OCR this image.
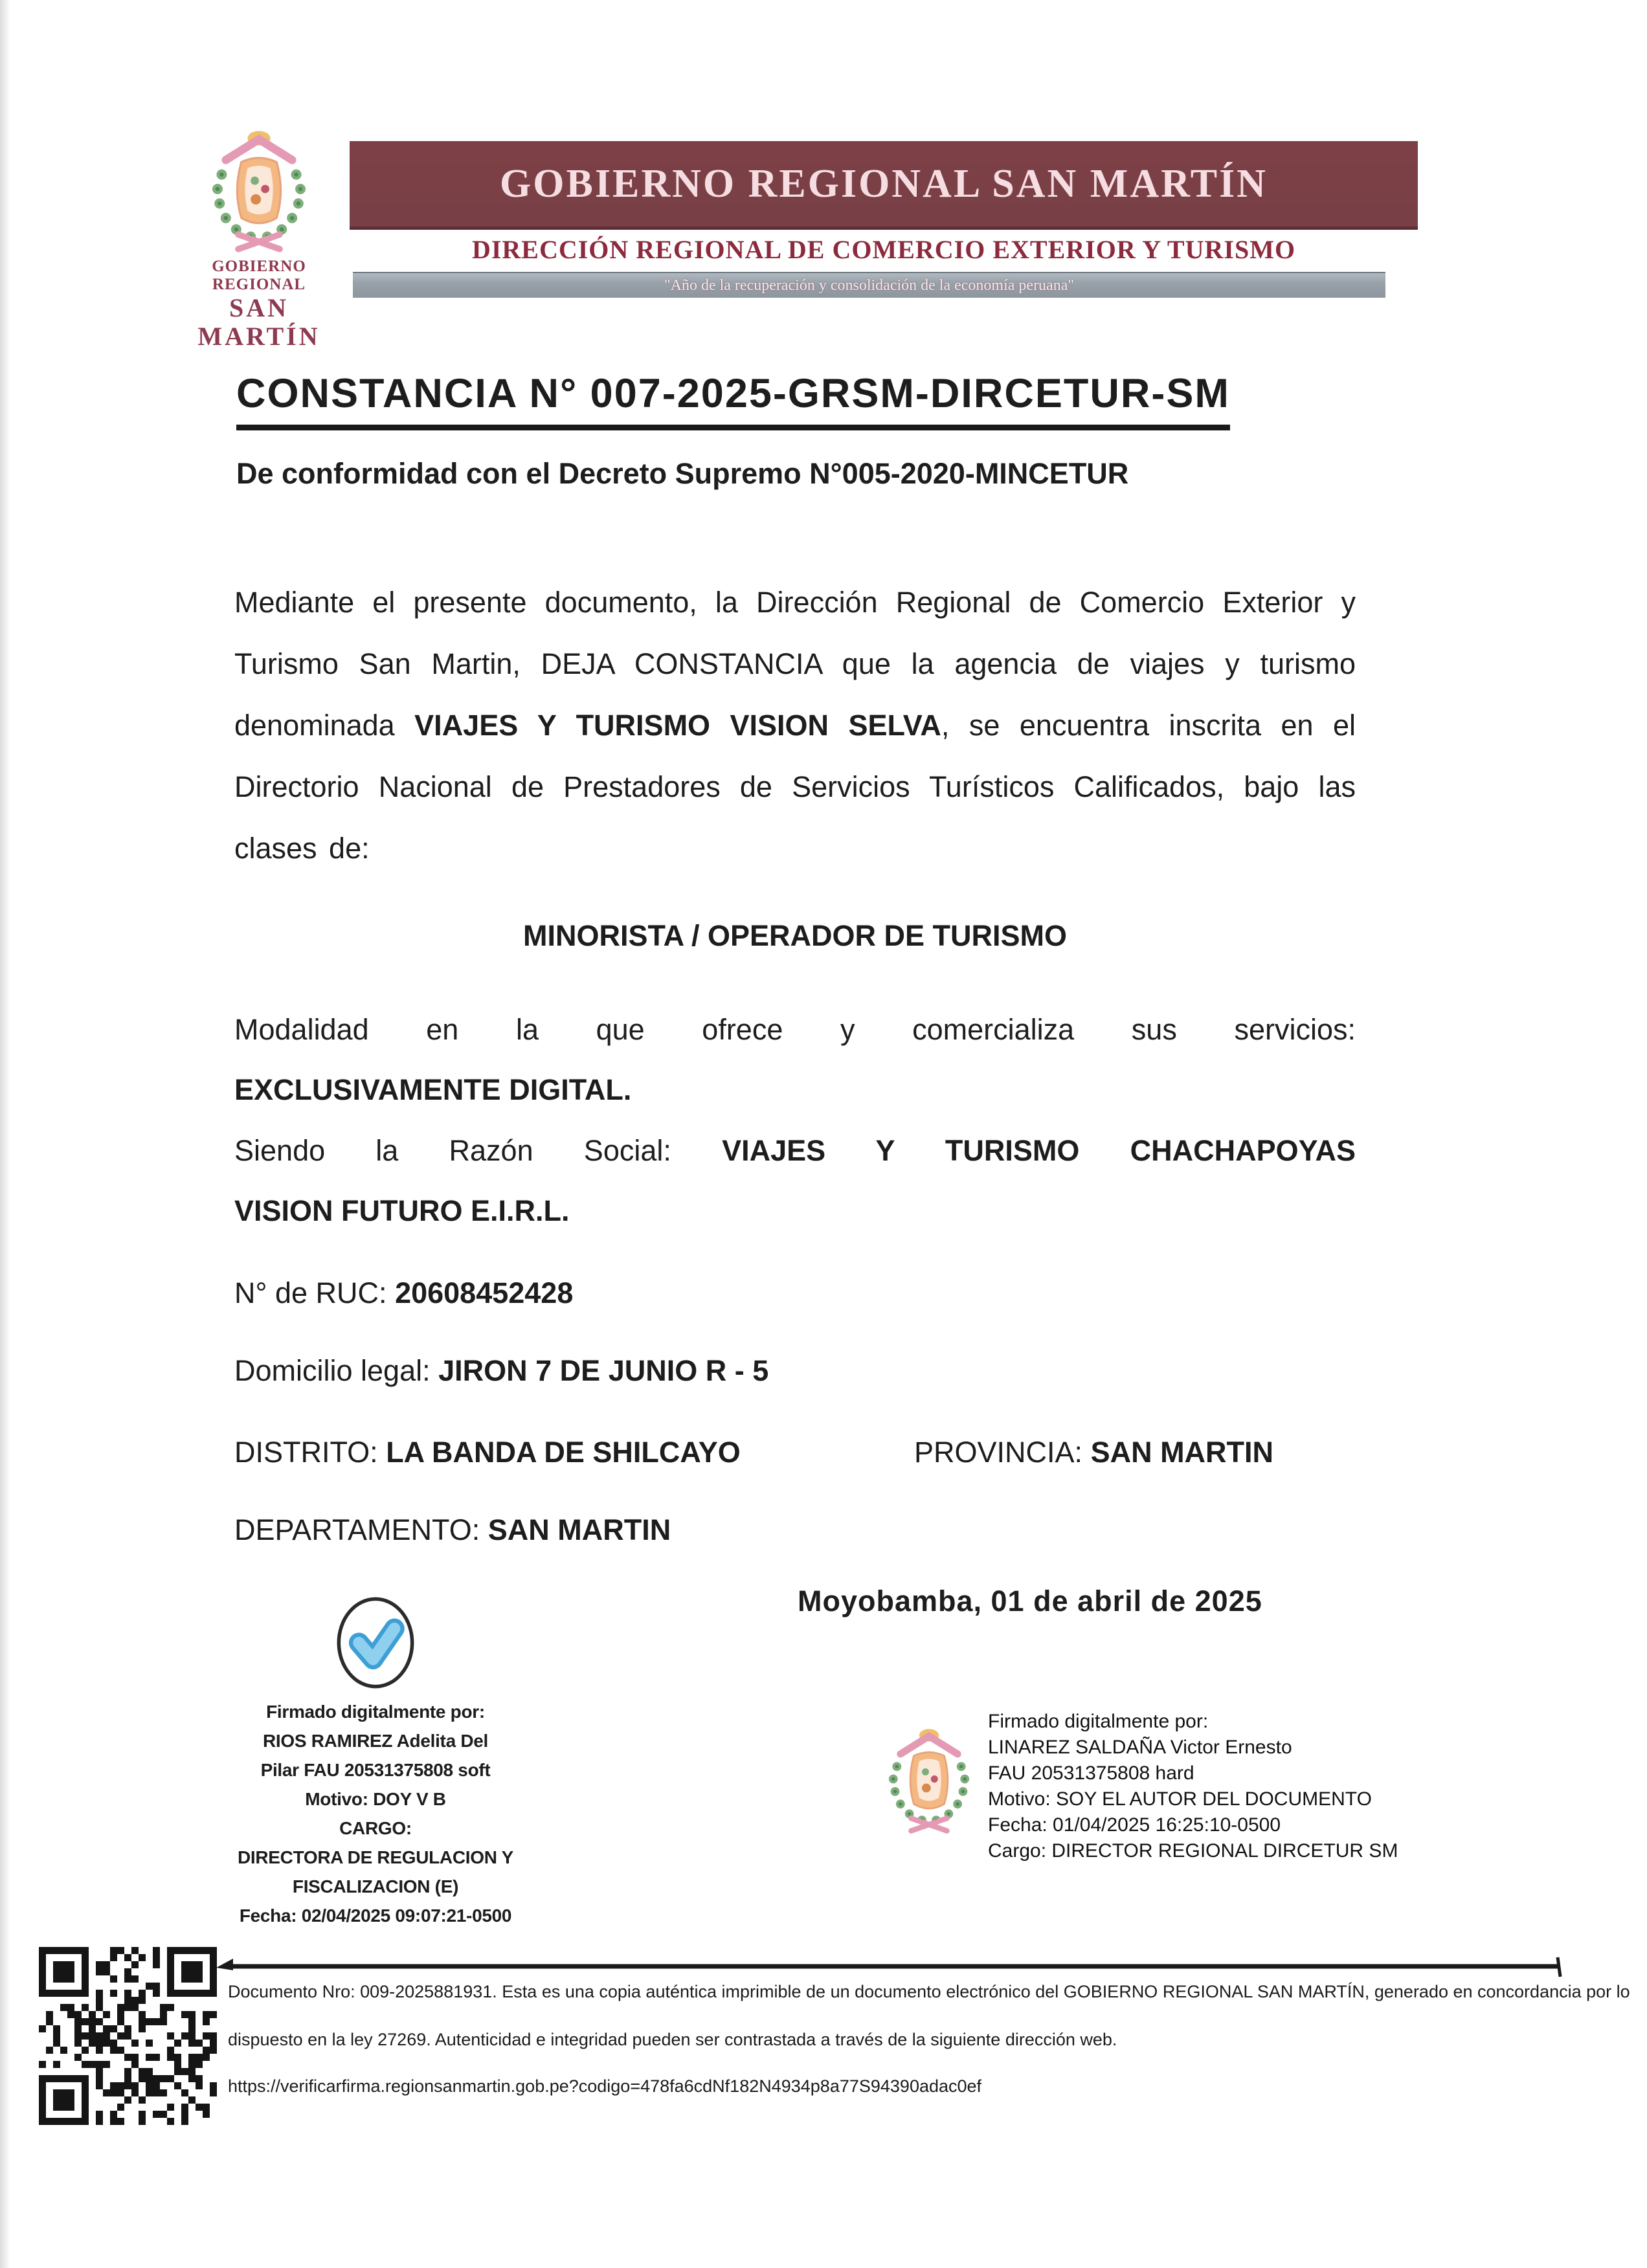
GOBIERNO REGIONAL
SAN MARTÍN
GOBIERNO REGIONAL SAN MARTÍN
DIRECCIÓN REGIONAL DE COMERCIO EXTERIOR Y TURISMO
"Año de la recuperación y consolidación de la economía peruana"
CONSTANCIA N° 007-2025-GRSM-DIRCETUR-SM
De conformidad con el Decreto Supremo N°005-2020-MINCETUR

Mediante el presente documento, la Dirección Regional de Comercio Exterior y Turismo San Martin, DEJA CONSTANCIA que la agencia de viajes y turismo denominada VIAJES Y TURISMO VISION SELVA, se encuentra inscrita en el Directorio Nacional de Prestadores de Servicios Turísticos Calificados, bajo las clases de:

MINORISTA / OPERADOR DE TURISMO
Modalidad en la que ofrece y comercializa sus servicios:
EXCLUSIVAMENTE DIGITAL.
Siendo la Razón Social: VIAJES Y TURISMO CHACHAPOYAS
VISION FUTURO E.I.R.L.
N° de RUC: 20608452428
Domicilio legal: JIRON 7 DE JUNIO R - 5
DISTRITO: LA BANDA DE SHILCAYO	PROVINCIA: SAN MARTIN
DEPARTAMENTO: SAN MARTIN
Moyobamba, 01 de abril de 2025
Firmado digitalmente por:
RIOS RAMIREZ Adelita Del
Pilar FAU 20531375808 soft
Motivo: DOY V B
CARGO:
DIRECTORA DE REGULACION Y
FISCALIZACION (E)
Fecha: 02/04/2025 09:07:21-0500
Firmado digitalmente por:
LINAREZ SALDAÑA Victor Ernesto
FAU 20531375808 hard
Motivo: SOY EL AUTOR DEL DOCUMENTO
Fecha: 01/04/2025 16:25:10-0500
Cargo: DIRECTOR REGIONAL DIRCETUR SM
Documento Nro: 009-2025881931. Esta es una copia auténtica imprimible de un documento electrónico del GOBIERNO REGIONAL SAN MARTÍN, generado en concordancia por lo
dispuesto en la ley 27269. Autenticidad e integridad pueden ser contrastada a través de la siguiente dirección web.
https://verificarfirma.regionsanmartin.gob.pe?codigo=478fa6cdNf182N4934p8a77S94390adac0ef
